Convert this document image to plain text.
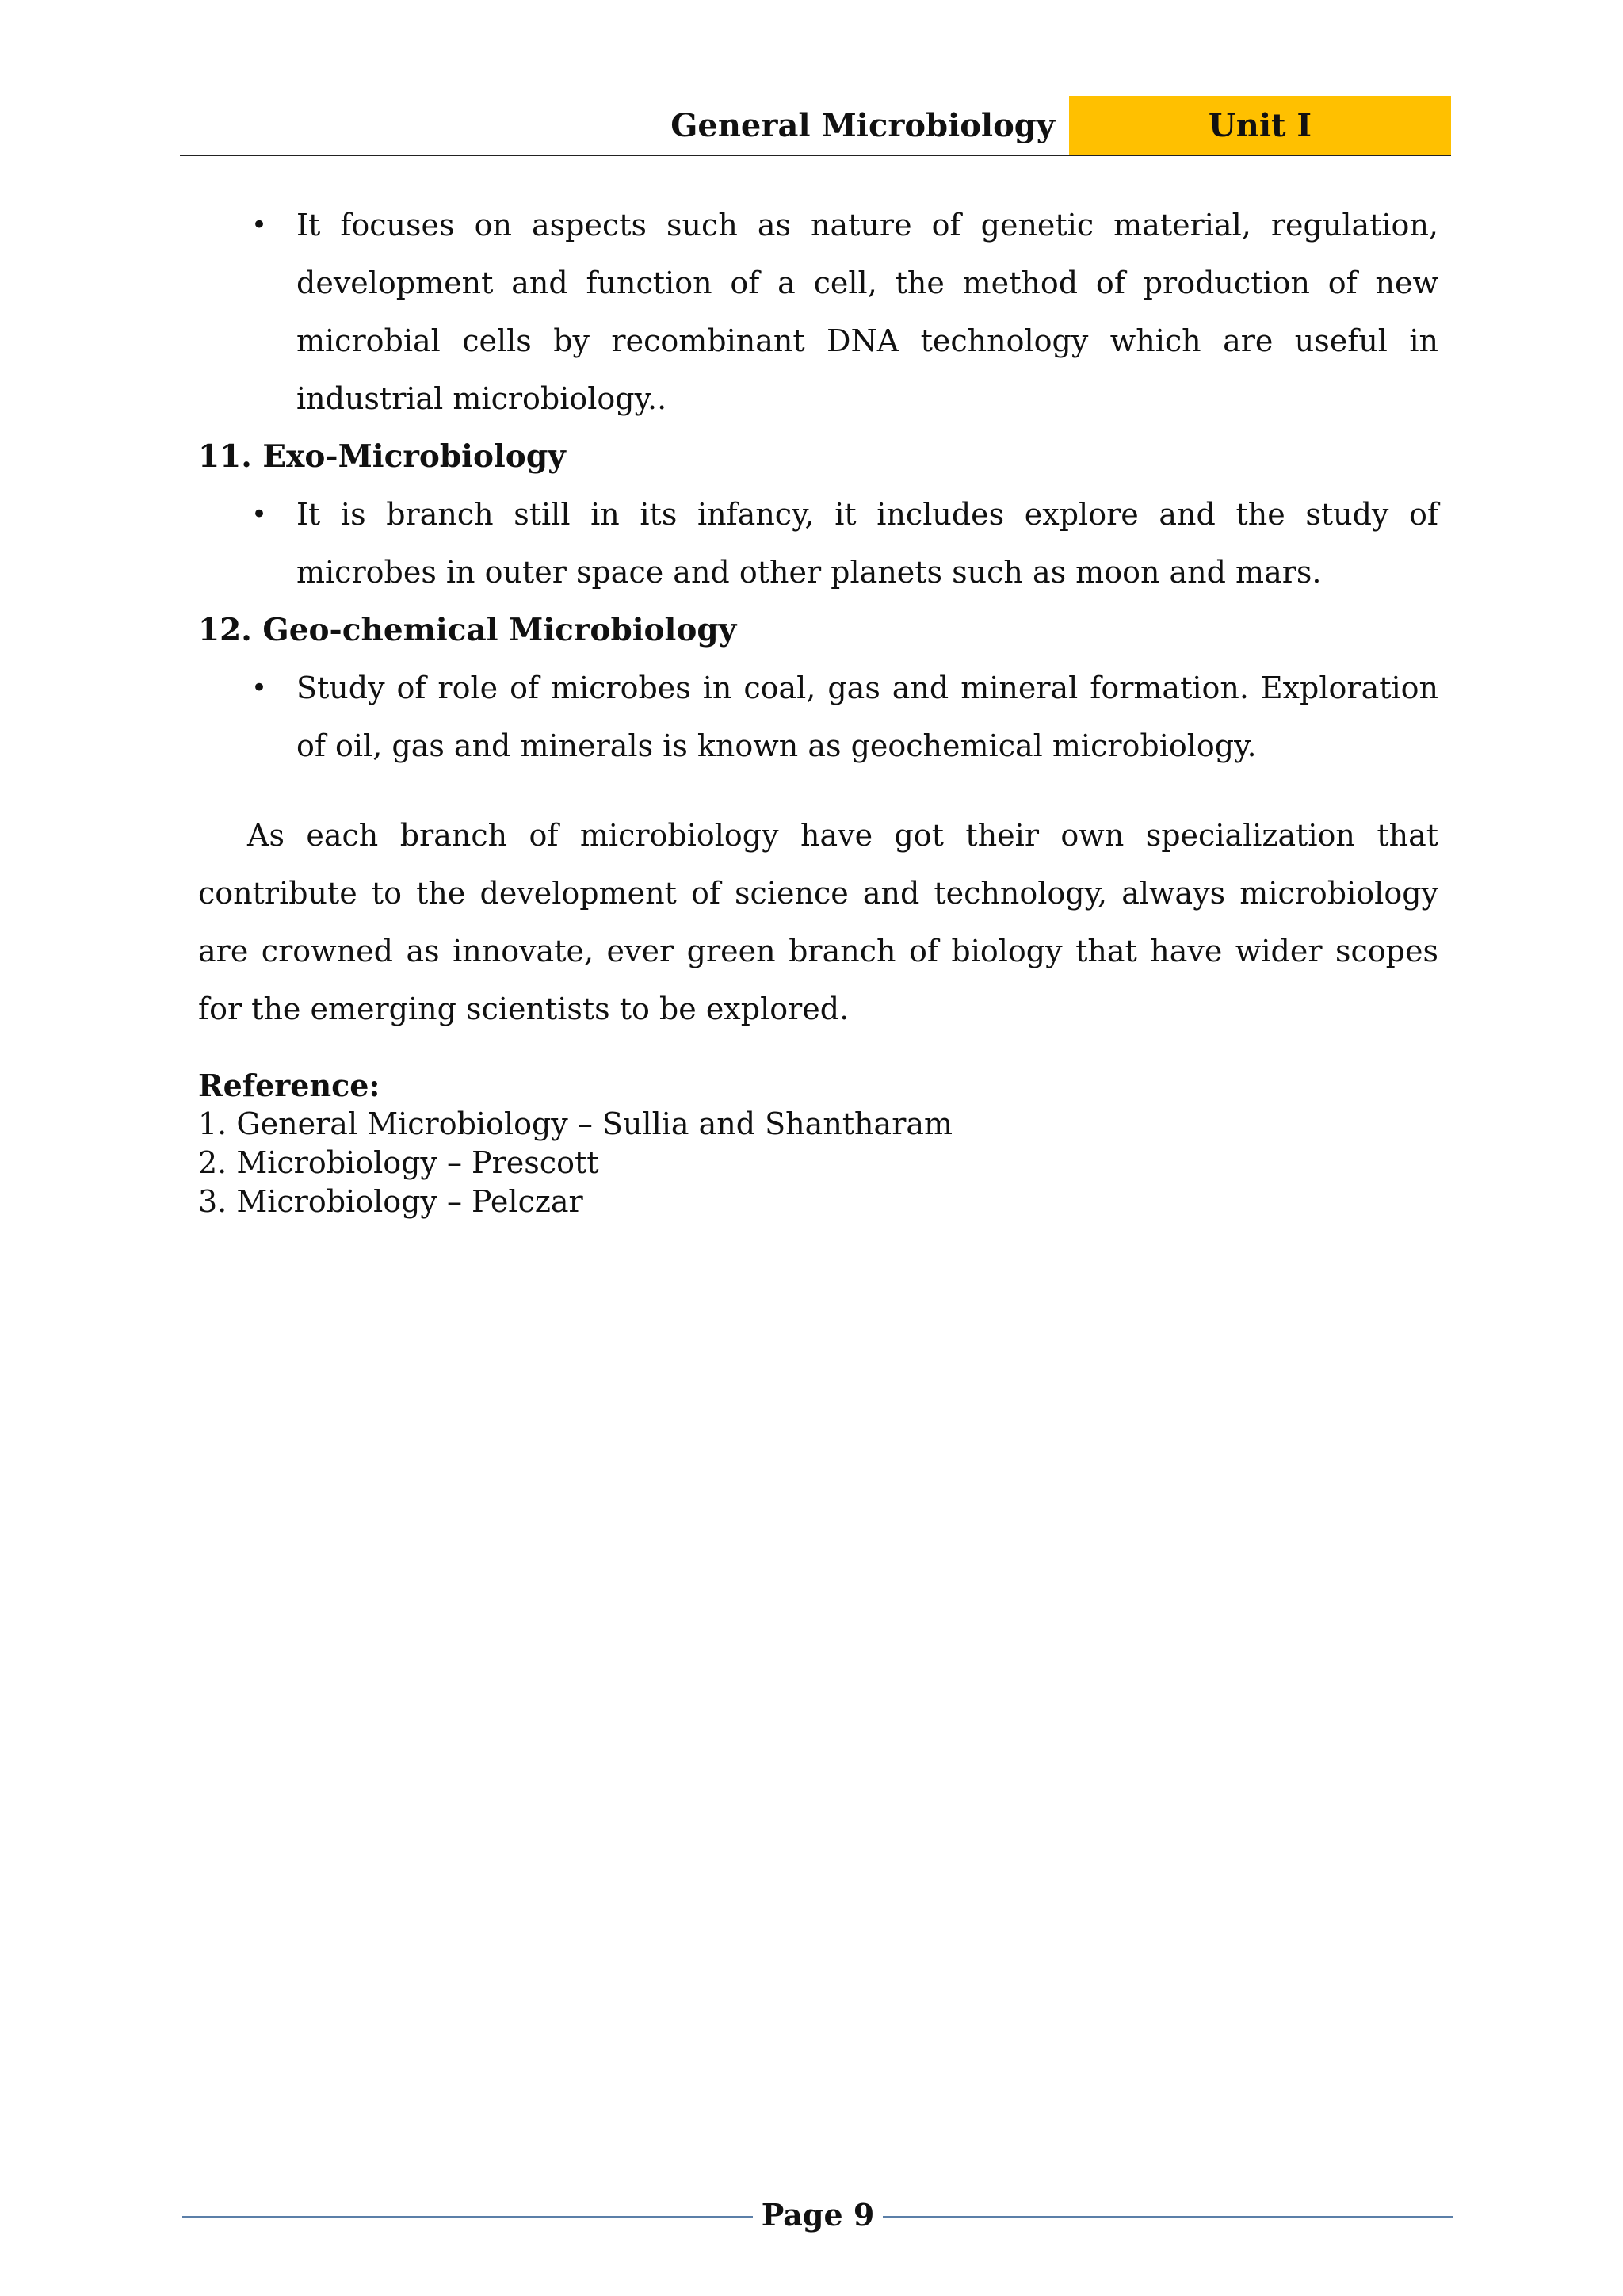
General Microbiology	Unit I
• It focuses on aspects such as nature of genetic material, regulation, development and function of a cell, the method of production of new microbial cells by recombinant DNA technology which are useful in industrial microbiology..
11. Exo-Microbiology
• It is branch still in its infancy, it includes explore and the study of microbes in outer space and other planets such as moon and mars.
12. Geo-chemical Microbiology
• Study of role of microbes in coal, gas and mineral formation. Exploration of oil, gas and minerals is known as geochemical microbiology.

As each branch of microbiology have got their own specialization that contribute to the development of science and technology, always microbiology are crowned as innovate, ever green branch of biology that have wider scopes for the emerging scientists to be explored.

Reference:
1. General Microbiology – Sullia and Shantharam
2. Microbiology – Prescott
3. Microbiology – Pelczar
Page 9
